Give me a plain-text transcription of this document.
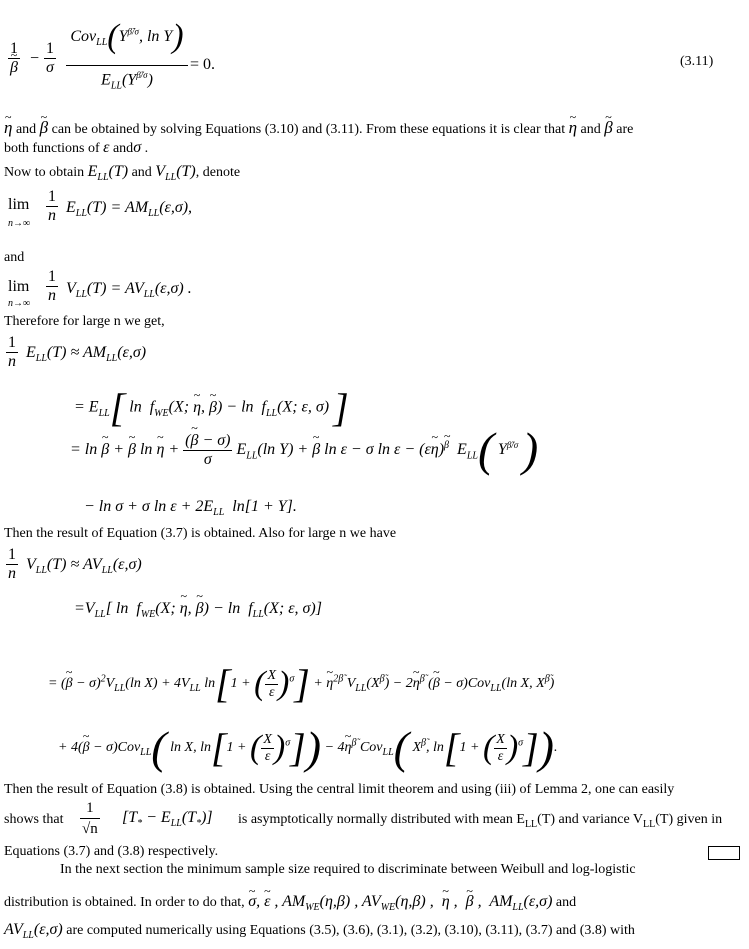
1
~ $\beta - \frac{1}{\sigma}$
$Cov_{LL}(Y^{\betã/\sigma}$, ln Y)
$E_{LL}(Y^{\betã/\sigma})$
= 0.	(3.11)
~ η and ~ β can be obtained by solving Equations (3.10) and (3.11). From these equations it is clear that ~ η and ~ β are
both functions of ε andσ .
Now to obtain $E_{LL}(T)$ and $V_{LL}(T)$, denote
lim
$n\to\infty \frac{1}{n} E_{LL}(T) = AM_{LL}(\varepsilon,\sigma)$,
and
lim
$n\to\infty \frac{1}{n} V_{LL}(T) = AV_{LL}(\varepsilon,\sigma)$ .
Therefore for large n we get,
$\frac{1}{n} E_{LL}(T) \approx AM_{LL}(\varepsilon,\sigma)$
= $E_{LL}$[ $\ln f_{WE}(X$; ~ η, ~ $\beta) - \ln f_{LL}(X$; ε, σ) ]
= ln ~ β + ~ β ln ~ $\eta + \frac{(\sim \beta - \sigma)}{\sigma} E_{LL}(\ln$ Y) + ~ β ln ε − σ ln ε − (ε~ η)~ $^\beta$  $E_{LL}$( $Y^{\betã/\sigma}$ )
− ln σ + σ $\ln \varepsilon + 2E_{LL}$  ln[1 + Y].
Then the result of Equation (3.7) is obtained. Also for large n we have
$\frac{1}{n} V_{LL}(T) \approx AV_{LL}(\varepsilon,\sigma)$
$=V_{LL}$[ $\ln f_{WE}(X$; ~ η, ~ $\beta) - \ln f_{LL}(X$; ε, σ)]
= (~ $\beta - \sigma)^2V_{LL}(\ln$ $X) + 4V_{LL}$ ln[1 + ( $\frac{X}{\varepsilon} )^\sigma$] + ~ $\eta^{2\betã}$ $V_{LL}(X^{\betã})$ − 2~ $\eta^{\betã}$ (~ β − σ)Cov$_{LL}$(ln X, $X^{\betã}$)
+ 4(~ β − σ)Cov$_{LL}$( ln X, ln[1 + ( $\frac{X}{\varepsilon} )^\sigma$]) − 4~ $\eta^{\betã}$ Cov$_{LL}$( $X^{\betã}$, ln[1 + ( $\frac{X}{\varepsilon} )^\sigma$]).
Then the result of Equation (3.8) is obtained. Using the central limit theorem and using (iii) of Lemma 2, one can easily
shows that $\frac{1}{√n} [T_* - E_{LL}(T_*)]$ is asymptotically normally distributed with mean $E_{LL}(T)$ and variance $V_{LL}(T)$ given in
Equations (3.7) and (3.8) respectively.
In the next section the minimum sample size required to discriminate between Weibull and log-logistic
distribution is obtained. In order to do that, ~ σ, ~ ε , $AM_{WE}(\eta,\beta)$ , $AV_{WE}(\eta,\beta)$ ,  ~ η ,  ~ β ,  $AM_{LL}(\varepsilon,\sigma)$ and
$AV_{LL}(\varepsilon,\sigma)$ are computed numerically using Equations (3.5), (3.6), (3.1), (3.2), (3.10), (3.11), (3.7) and (3.8) with
